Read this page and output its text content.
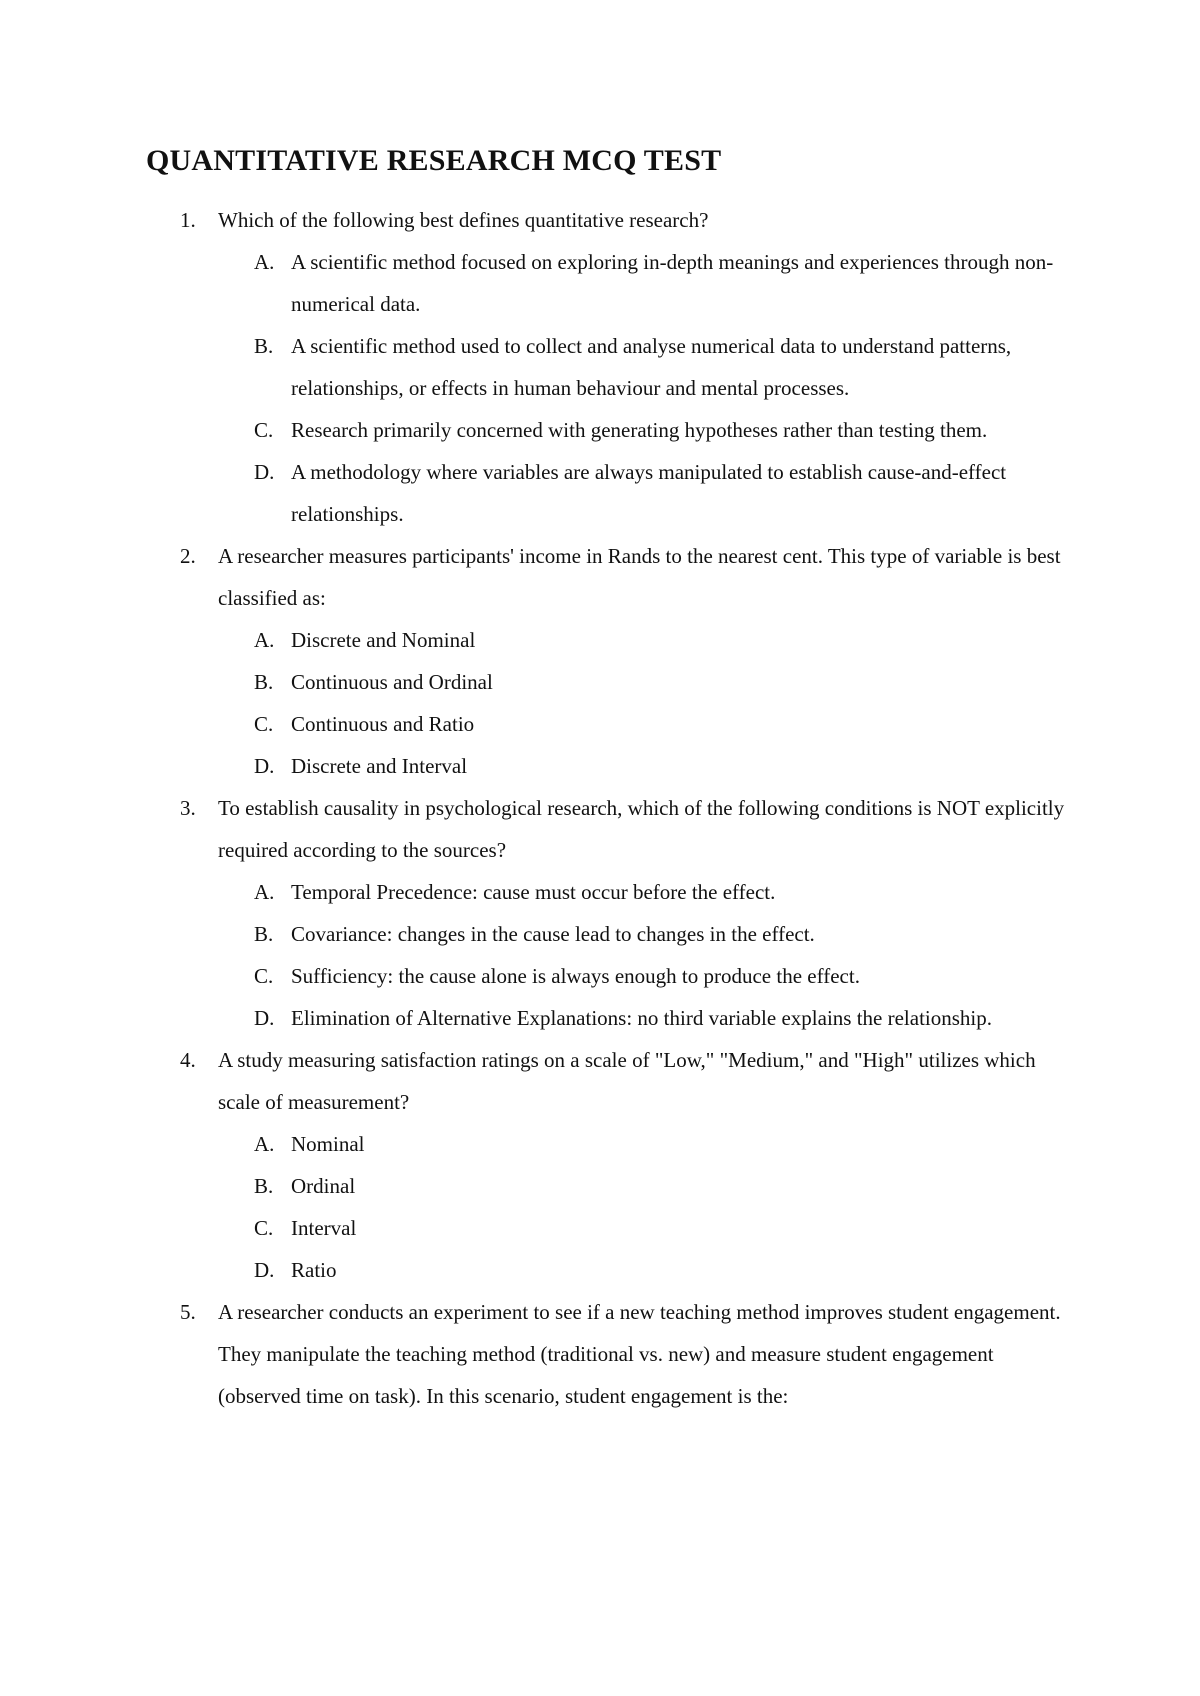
QUANTITATIVE RESEARCH MCQ TEST
1.	Which of the following best defines quantitative research?
A. A scientific method focused on exploring in-depth meanings and experiences through non-numerical data.
B. A scientific method used to collect and analyse numerical data to understand patterns, relationships, or effects in human behaviour and mental processes.
C. Research primarily concerned with generating hypotheses rather than testing them.
D. A methodology where variables are always manipulated to establish cause-and-effect relationships.
2.	A researcher measures participants' income in Rands to the nearest cent. This type of variable is best classified as:
A. Discrete and Nominal
B. Continuous and Ordinal
C. Continuous and Ratio
D. Discrete and Interval
3.	To establish causality in psychological research, which of the following conditions is NOT explicitly required according to the sources?
A. Temporal Precedence: cause must occur before the effect.
B. Covariance: changes in the cause lead to changes in the effect.
C. Sufficiency: the cause alone is always enough to produce the effect.
D. Elimination of Alternative Explanations: no third variable explains the relationship.
4.	A study measuring satisfaction ratings on a scale of "Low," "Medium," and "High" utilizes which scale of measurement?
A. Nominal
B. Ordinal
C. Interval
D. Ratio
5.	A researcher conducts an experiment to see if a new teaching method improves student engagement. They manipulate the teaching method (traditional vs. new) and measure student engagement (observed time on task). In this scenario, student engagement is the:
